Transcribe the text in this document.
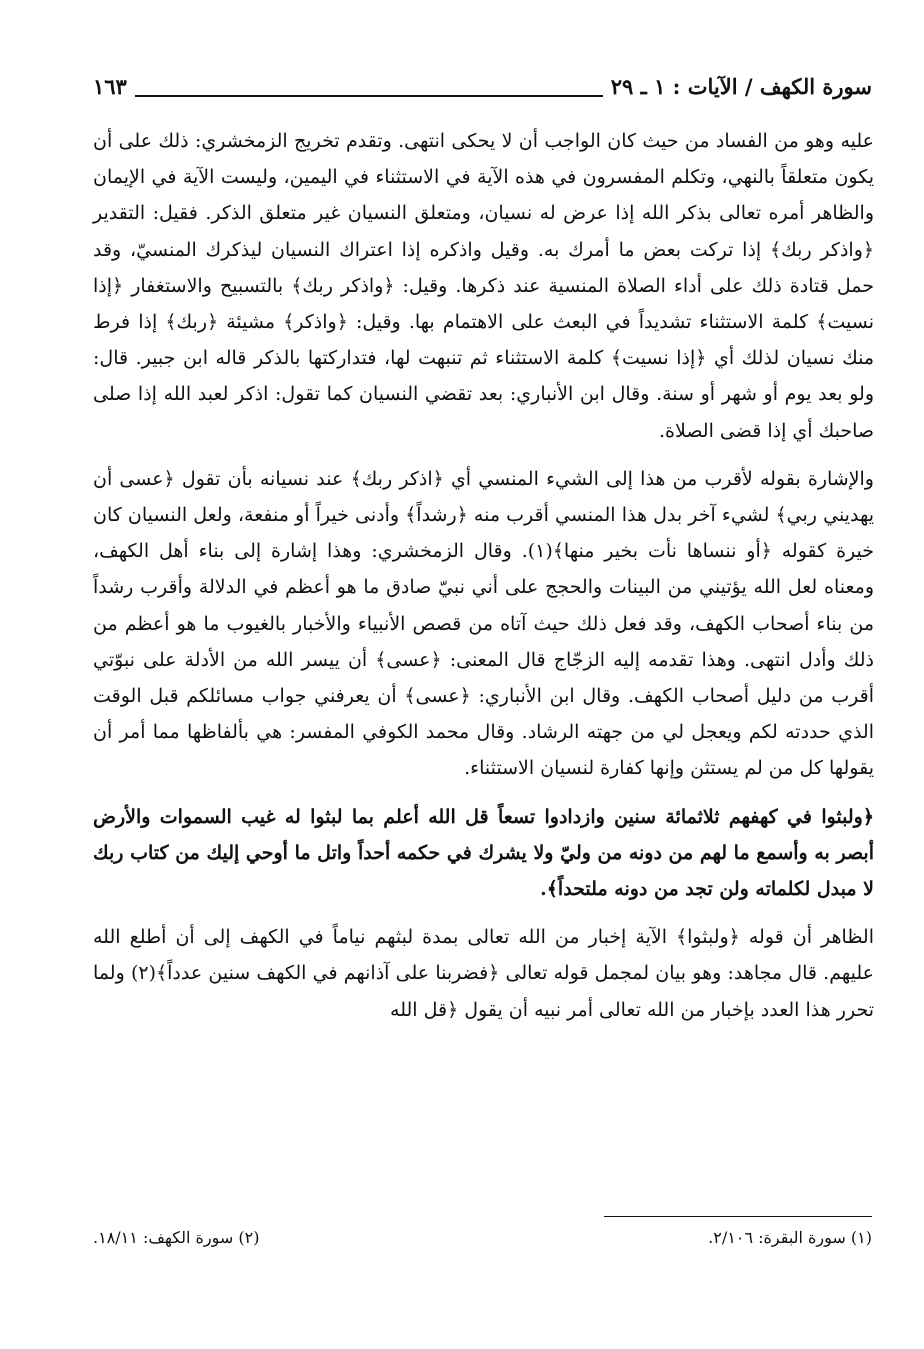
سورة الكهف / الآيات : ١ ـ ٢٩
١٦٣

عليه وهو من الفساد من حيث كان الواجب أن لا يحكى انتهى. وتقدم تخريج الزمخشري: ذلك على أن يكون متعلقاً بالنهي، وتكلم المفسرون في هذه الآية في الاستثناء في اليمين، وليست الآية في الإيمان والظاهر أمره تعالى بذكر الله إذا عرض له نسيان، ومتعلق النسيان غير متعلق الذكر. فقيل: التقدير ﴿واذكر ربك﴾ إذا تركت بعض ما أمرك به. وقيل واذكره إذا اعتراك النسيان ليذكرك المنسيّ، وقد حمل قتادة ذلك على أداء الصلاة المنسية عند ذكرها. وقيل: ﴿واذكر ربك﴾ بالتسبيح والاستغفار ﴿إذا نسيت﴾ كلمة الاستثناء تشديداً في البعث على الاهتمام بها. وقيل: ﴿واذكر﴾ مشيئة ﴿ربك﴾ إذا فرط منك نسيان لذلك أي ﴿إذا نسيت﴾ كلمة الاستثناء ثم تنبهت لها، فتداركتها بالذكر قاله ابن جبير. قال: ولو بعد يوم أو شهر أو سنة. وقال ابن الأنباري: بعد تقضي النسيان كما تقول: اذكر لعبد الله إذا صلى صاحبك أي إذا قضى الصلاة.

والإشارة بقوله لأقرب من هذا إلى الشيء المنسي أي ﴿اذكر ربك﴾ عند نسيانه بأن تقول ﴿عسى أن يهديني ربي﴾ لشيء آخر بدل هذا المنسي أقرب منه ﴿رشداً﴾ وأدنى خيراً أو منفعة، ولعل النسيان كان خيرة كقوله ﴿أو ننساها نأت بخير منها﴾(١). وقال الزمخشري: وهذا إشارة إلى بناء أهل الكهف، ومعناه لعل الله يؤتيني من البينات والحجج على أني نبيّ صادق ما هو أعظم في الدلالة وأقرب رشداً من بناء أصحاب الكهف، وقد فعل ذلك حيث آتاه من قصص الأنبياء والأخبار بالغيوب ما هو أعظم من ذلك وأدل انتهى. وهذا تقدمه إليه الزجّاج قال المعنى: ﴿عسى﴾ أن ييسر الله من الأدلة على نبوّتي أقرب من دليل أصحاب الكهف. وقال ابن الأنباري: ﴿عسى﴾ أن يعرفني جواب مسائلكم قبل الوقت الذي حددته لكم ويعجل لي من جهته الرشاد. وقال محمد الكوفي المفسر: هي بألفاظها مما أمر أن يقولها كل من لم يستثن وإنها كفارة لنسيان الاستثناء.

﴿ولبثوا في كهفهم ثلاثمائة سنين وازدادوا تسعاً قل الله أعلم بما لبثوا له غيب السموات والأرض أبصر به وأسمع ما لهم من دونه من وليّ ولا يشرك في حكمه أحداً واتل ما أوحي إليك من كتاب ربك لا مبدل لكلماته ولن تجد من دونه ملتحداً﴾.

الظاهر أن قوله ﴿ولبثوا﴾ الآية إخبار من الله تعالى بمدة لبثهم نياماً في الكهف إلى أن أطلع الله عليهم. قال مجاهد: وهو بيان لمجمل قوله تعالى ﴿فضربنا على آذانهم في الكهف سنين عدداً﴾(٢) ولما تحرر هذا العدد بإخبار من الله تعالى أمر نبيه أن يقول ﴿قل الله

(١) سورة البقرة: ٢/١٠٦.
(٢) سورة الكهف: ١٨/١١.
